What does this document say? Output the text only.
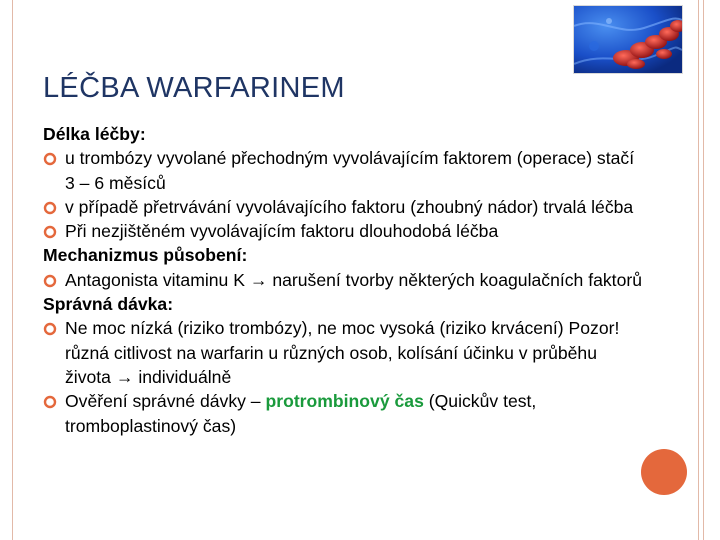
LÉČBA WARFARINEM
Délka léčby:
u trombózy vyvolané přechodným vyvolávajícím faktorem (operace) stačí 3 – 6 měsíců
v případě přetrvávání vyvolávajícího faktoru (zhoubný nádor) trvalá léčba
Při nezjištěném vyvolávajícím faktoru dlouhodobá léčba
Mechanizmus působení:
Antagonista vitaminu K → narušení tvorby některých koagulačních faktorů
Správná dávka:
Ne moc nízká (riziko trombózy), ne moc vysoká (riziko krvácení) Pozor! různá citlivost na warfarin u různých osob, kolísání účinku v průběhu života → individuálně
Ověření správné dávky – protrombinový čas (Quickův test, tromboplastinový čas)
